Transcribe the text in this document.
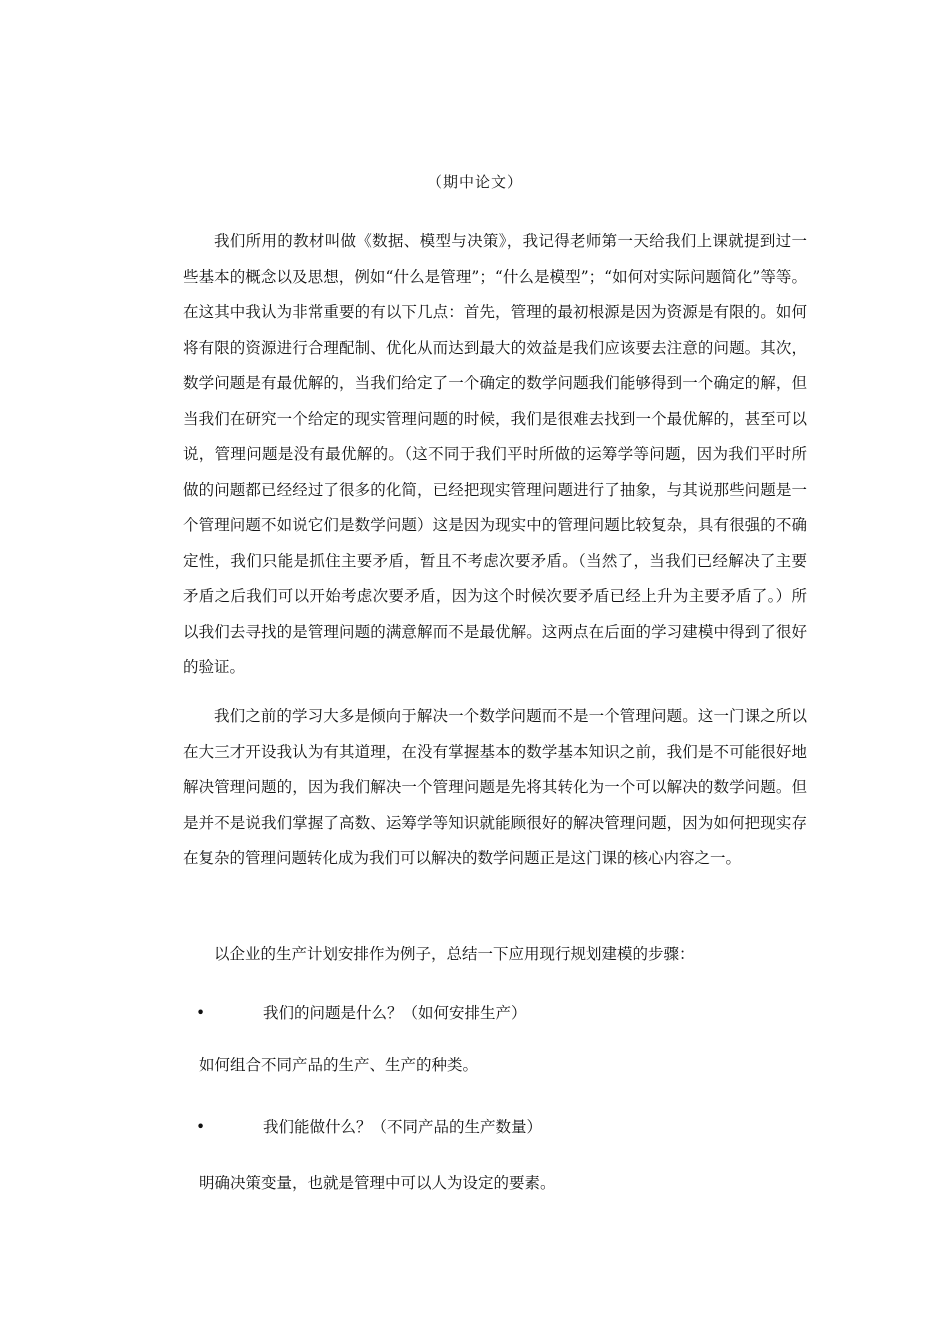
（期中论文）

我们所用的教材叫做《数据、模型与决策》，我记得老师第一天给我们上课就提到过一些基本的概念以及思想，例如“什么是管理”；“什么是模型”；“如何对实际问题简化”等等。在这其中我认为非常重要的有以下几点：首先，管理的最初根源是因为资源是有限的。如何将有限的资源进行合理配制、优化从而达到最大的效益是我们应该要去注意的问题。其次，数学问题是有最优解的，当我们给定了一个确定的数学问题我们能够得到一个确定的解，但当我们在研究一个给定的现实管理问题的时候，我们是很难去找到一个最优解的，甚至可以说，管理问题是没有最优解的。（这不同于我们平时所做的运筹学等问题，因为我们平时所做的问题都已经经过了很多的化简，已经把现实管理问题进行了抽象，与其说那些问题是一个管理问题不如说它们是数学问题）这是因为现实中的管理问题比较复杂，具有很强的不确定性，我们只能是抓住主要矛盾，暂且不考虑次要矛盾。（当然了，当我们已经解决了主要矛盾之后我们可以开始考虑次要矛盾，因为这个时候次要矛盾已经上升为主要矛盾了。）所以我们去寻找的是管理问题的满意解而不是最优解。这两点在后面的学习建模中得到了很好的验证。

我们之前的学习大多是倾向于解决一个数学问题而不是一个管理问题。这一门课之所以在大三才开设我认为有其道理，在没有掌握基本的数学基本知识之前，我们是不可能很好地解决管理问题的，因为我们解决一个管理问题是先将其转化为一个可以解决的数学问题。但是并不是说我们掌握了高数、运筹学等知识就能顾很好的解决管理问题，因为如何把现实存在复杂的管理问题转化成为我们可以解决的数学问题正是这门课的核心内容之一。

以企业的生产计划安排作为例子，总结一下应用现行规划建模的步骤：

•	我们的问题是什么？（如何安排生产）
如何组合不同产品的生产、生产的种类。
•	我们能做什么？（不同产品的生产数量）
明确决策变量，也就是管理中可以人为设定的要素。
